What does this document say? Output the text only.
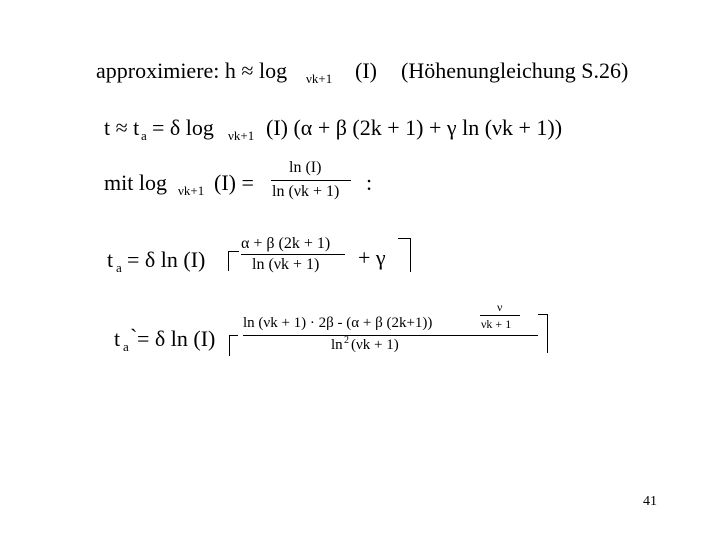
approximiere: h ≈ log νk+1 (I) (Höhenungleichung S.26)
t ≈ t a = δ log νk+1 (I) (α + β (2k + 1) + γ ln (νk + 1))
mit log νk+1 (I) =
ln (I)
ln (νk + 1) :
t a = δ ln (I)
α + β (2k + 1)
ln (νk + 1) + γ
t a ` = δ ln (I)
ln (νk + 1) · 2β - (α + β (2k+1))
ν
νk + 1
ln 2 (νk + 1)
41
